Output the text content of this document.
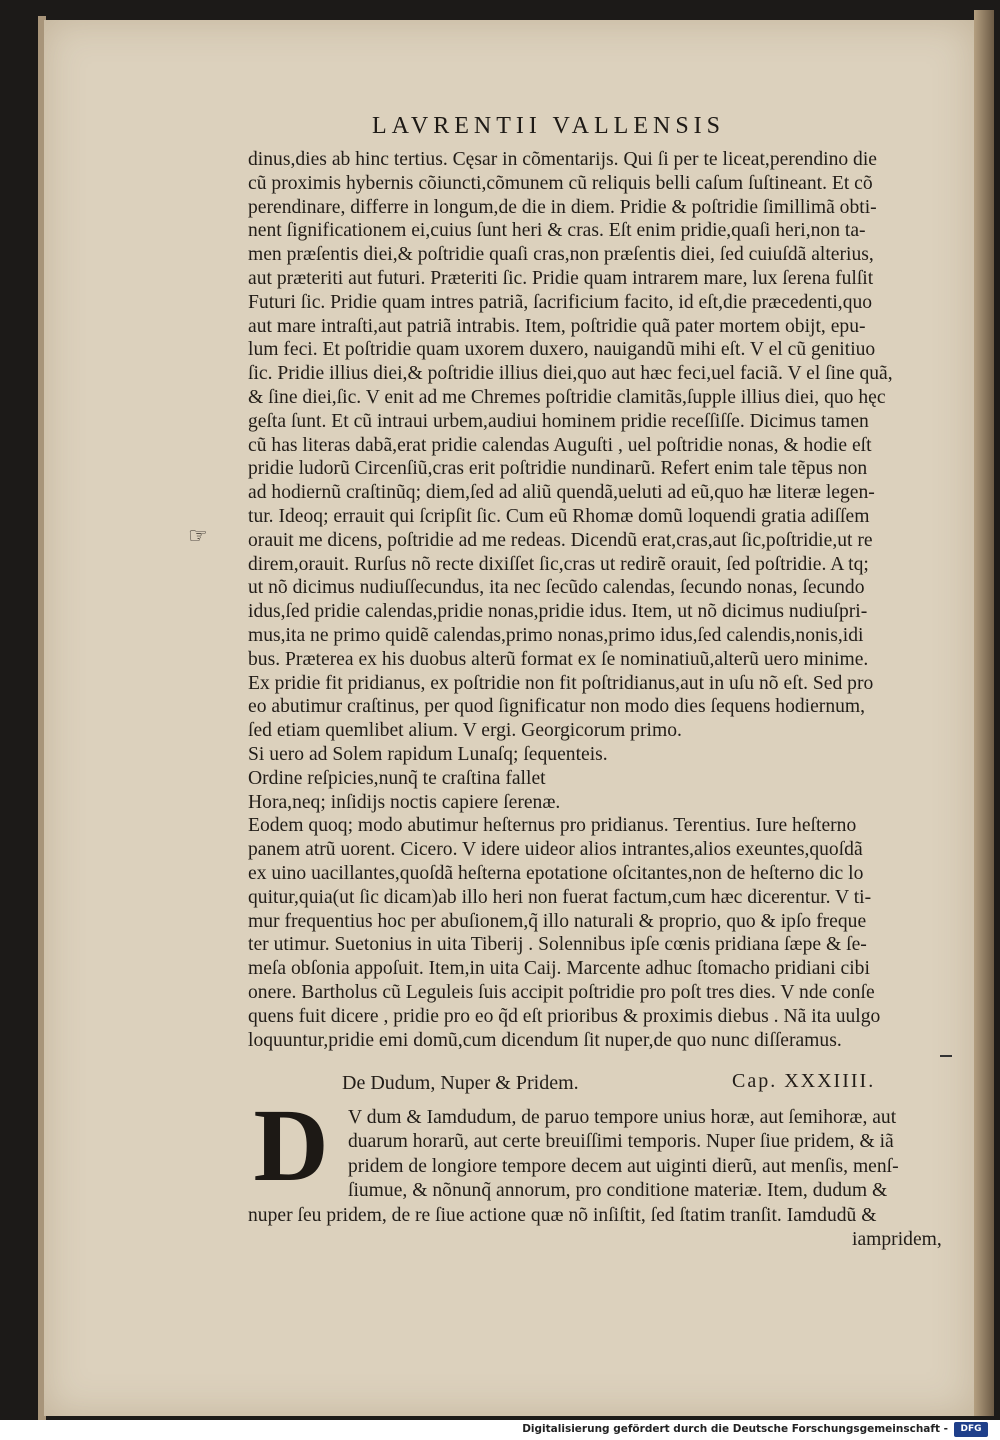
LAVRENTII VALLENSIS
dinus,dies ab hinc tertius. Cęsar in cõmentarijs. Qui ſi per te liceat,perendino die
cũ proximis hybernis cõiuncti,cõmunem cũ reliquis belli caſum ſuſtineant. Et cõ
perendinare, differre in longum,de die in diem. Pridie & poſtridie ſimillimã obti-
nent ſignificationem ei,cuius ſunt heri & cras. Eſt enim pridie,quaſi heri,non ta-
men præſentis diei,& poſtridie quaſi cras,non præſentis diei, ſed cuiuſdã alterius,
aut præteriti aut futuri. Præteriti ſic. Pridie quam intrarem mare, lux ſerena fulſit
Futuri ſic. Pridie quam intres patriã, ſacrificium facito, id eſt,die præcedenti,quo
aut mare intraſti,aut patriã intrabis. Item, poſtridie quã pater mortem obijt, epu-
lum feci. Et poſtridie quam uxorem duxero, nauigandũ mihi eſt. V el cũ genitiuo
ſic. Pridie illius diei,& poſtridie illius diei,quo aut hæc feci,uel faciã. V el ſine quã,
& ſine diei,ſic. V enit ad me Chremes poſtridie clamitãs,ſupple illius diei, quo hęc
geſta ſunt. Et cũ intraui urbem,audiui hominem pridie receſſiſſe. Dicimus tamen
cũ has literas dabã,erat pridie calendas Auguſti , uel poſtridie nonas, & hodie eſt
pridie ludorũ Circenſiũ,cras erit poſtridie nundinarũ. Refert enim tale tẽpus non
ad hodiernũ craſtinũq; diem,ſed ad aliũ quendã,ueluti ad eũ,quo hæ literæ legen-
tur. Ideoq; errauit qui ſcripſit ſic. Cum eũ Rhomæ domũ loquendi gratia adiſſem
orauit me dicens, poſtridie ad me redeas. Dicendũ erat,cras,aut ſic,poſtridie,ut re
direm,orauit. Rurſus nõ recte dixiſſet ſic,cras ut redirẽ orauit, ſed poſtridie. A tq;
ut nõ dicimus nudiuſſecundus, ita nec ſecũdo calendas, ſecundo nonas, ſecundo
idus,ſed pridie calendas,pridie nonas,pridie idus. Item, ut nõ dicimus nudiuſpri-
mus,ita ne primo quidẽ calendas,primo nonas,primo idus,ſed calendis,nonis,idi
bus. Præterea ex his duobus alterũ format ex ſe nominatiuũ,alterũ uero minime.
Ex pridie fit pridianus, ex poſtridie non fit poſtridianus,aut in uſu nõ eſt. Sed pro
eo abutimur craſtinus, per quod ſignificatur non modo dies ſequens hodiernum,
ſed etiam quemlibet alium. V ergi. Georgicorum primo.
Si uero ad Solem rapidum Lunaſq; ſequenteis.
Ordine reſpicies,nunq̃ te craſtina fallet
Hora,neq; inſidijs noctis capiere ſerenæ.
Eodem quoq; modo abutimur heſternus pro pridianus. Terentius. Iure heſterno
panem atrũ uorent. Cicero. V idere uideor alios intrantes,alios exeuntes,quoſdã
ex uino uacillantes,quoſdã heſterna epotatione oſcitantes,non de heſterno dic lo
quitur,quia(ut ſic dicam)ab illo heri non fuerat factum,cum hæc dicerentur. V ti-
mur frequentius hoc per abuſionem,q̃ illo naturali & proprio, quo & ipſo freque
ter utimur. Suetonius in uita Tiberij . Solennibus ipſe cœnis pridiana ſæpe & ſe-
meſa obſonia appoſuit. Item,in uita Caij. Marcente adhuc ſtomacho pridiani cibi
onere. Bartholus cũ Leguleis ſuis accipit poſtridie pro poſt tres dies. V nde conſe
quens fuit dicere , pridie pro eo q̃d eſt prioribus & proximis diebus . Nã ita uulgo
loquuntur,pridie emi domũ,cum dicendum ſit nuper,de quo nunc diſſeramus.
☞
De Dudum, Nuper & Pridem.	Cap. XXXIIII.
D V dum & Iamdudum, de paruo tempore unius horæ, aut ſemihoræ, aut
duarum horarũ, aut certe breuiſſimi temporis. Nuper ſiue pridem, & iã
pridem de longiore tempore decem aut uiginti dierũ, aut menſis, menſ-
ſiumue, & nõnunq̃ annorum, pro conditione materiæ. Item, dudum &
nuper ſeu pridem, de re ſiue actione quæ nõ inſiſtit, ſed ſtatim tranſit. Iamdudũ &
iampridem,
Digitalisierung gefördert durch die Deutsche Forschungsgemeinschaft -	DFG
